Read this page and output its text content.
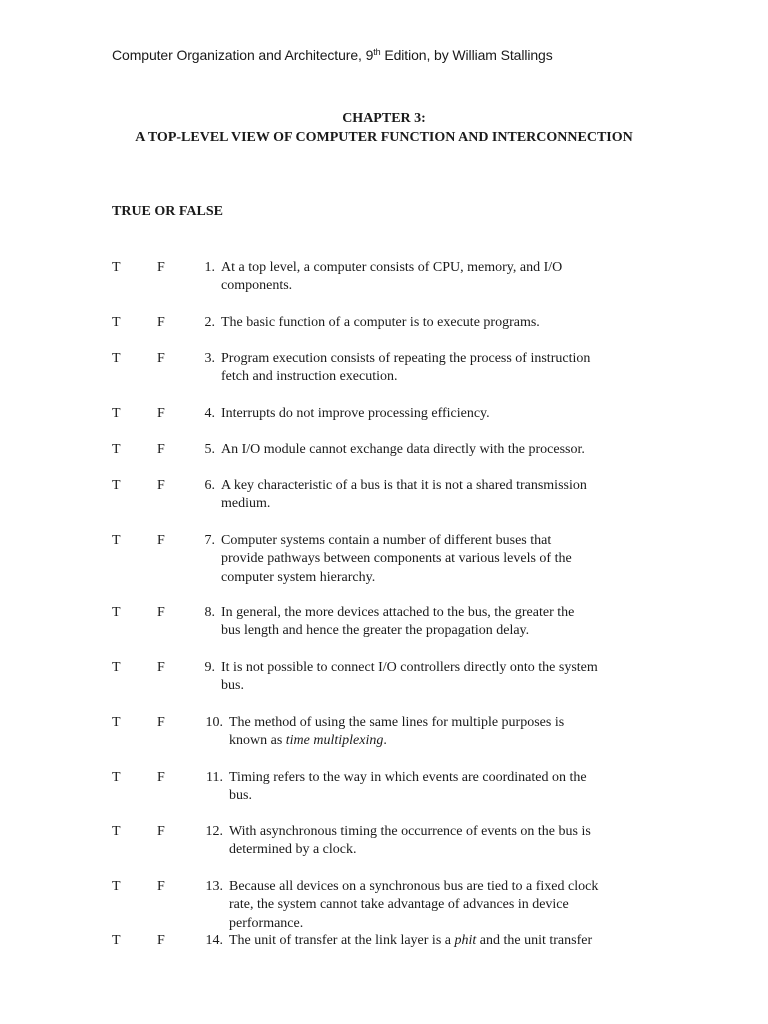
Computer Organization and Architecture, 9th Edition, by William Stallings
CHAPTER 3:
A TOP-LEVEL VIEW OF COMPUTER FUNCTION AND INTERCONNECTION
TRUE OR FALSE
T	F	1. At a top level, a computer consists of CPU, memory, and I/O
components.
T	F	2. The basic function of a computer is to execute programs.
T	F	3. Program execution consists of repeating the process of instruction
fetch and instruction execution.
T	F	4. Interrupts do not improve processing efficiency.
T	F	5. An I/O module cannot exchange data directly with the processor.
T	F	6. A key characteristic of a bus is that it is not a shared transmission
medium.
T	F	7. Computer systems contain a number of different buses that
provide pathways between components at various levels of the
computer system hierarchy.
T	F	8. In general, the more devices attached to the bus, the greater the
bus length and hence the greater the propagation delay.
T	F	9. It is not possible to connect I/O controllers directly onto the system
bus.
T	F	10. The method of using the same lines for multiple purposes is
known as time multiplexing.
T	F	11. Timing refers to the way in which events are coordinated on the
bus.
T	F	12. With asynchronous timing the occurrence of events on the bus is
determined by a clock.
T	F	13. Because all devices on a synchronous bus are tied to a fixed clock
rate, the system cannot take advantage of advances in device
performance.
T	F	14. The unit of transfer at the link layer is a phit and the unit transfer
